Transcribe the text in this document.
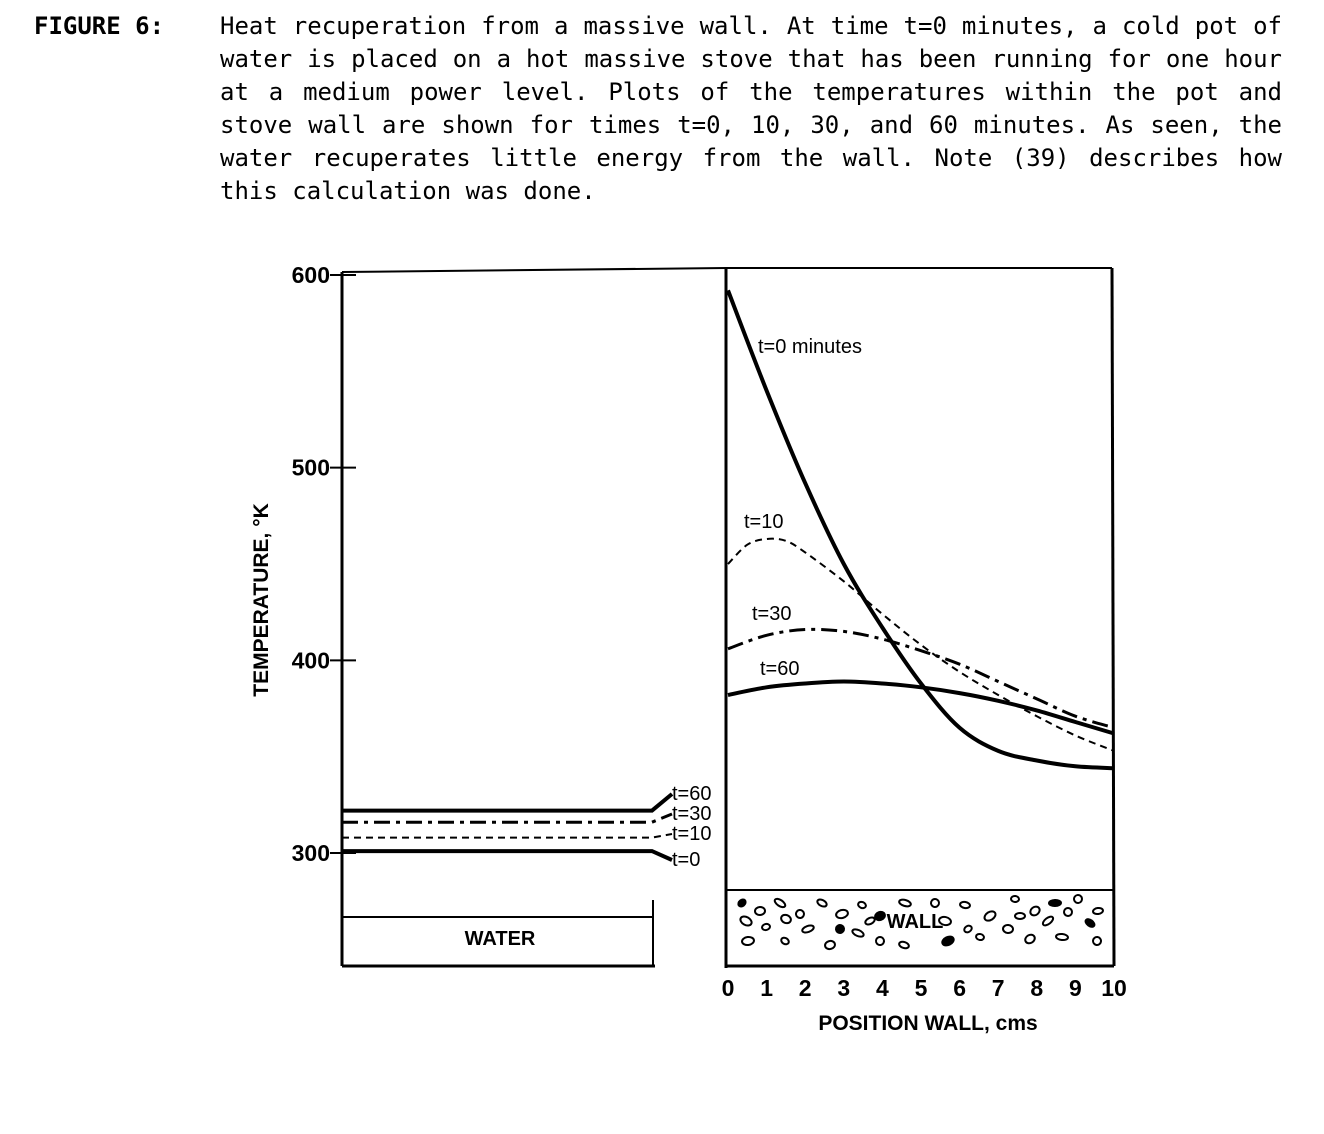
FIGURE 6: Heat recuperation from a massive wall. At time t=0 minutes, a cold pot of water is placed on a hot massive stove that has been running for one hour at a medium power level. Plots of the temperatures within the pot and stove wall are shown for times t=0, 10, 30, and 60 minutes. As seen, the water recuperates little energy from the wall. Note (39) describes how this calculation was done.
600
500
400
300
0 1 2 3 4 5 6 7 8 9 10
TEMPERATURE, °K
POSITION WALL, cms
WATER
WALL
t=60
t=30
t=10
t=0
t=0 minutes
t=10
t=30
t=60
